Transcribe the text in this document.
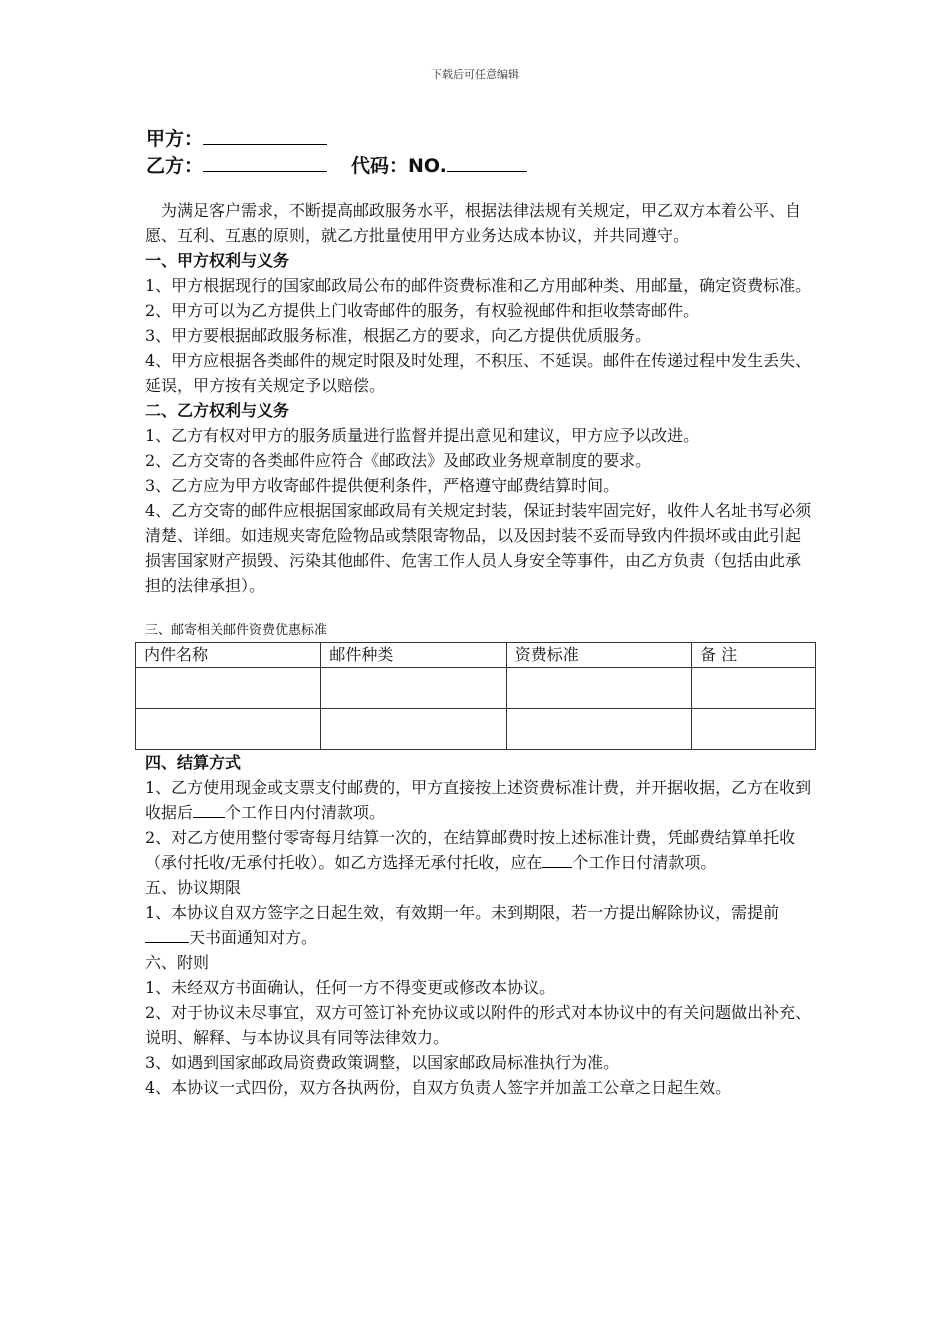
下载后可任意编辑
甲方：
乙方：	代码：NO.

为满足客户需求，不断提高邮政服务水平，根据法律法规有关规定，甲乙双方本着公平、自愿、互利、互惠的原则，就乙方批量使用甲方业务达成本协议，并共同遵守。

一、甲方权利与义务

1、甲方根据现行的国家邮政局公布的邮件资费标准和乙方用邮种类、用邮量，确定资费标准。

2、甲方可以为乙方提供上门收寄邮件的服务，有权验视邮件和拒收禁寄邮件。

3、甲方要根据邮政服务标准，根据乙方的要求，向乙方提供优质服务。

4、甲方应根据各类邮件的规定时限及时处理，不积压、不延误。邮件在传递过程中发生丢失、延误，甲方按有关规定予以赔偿。

二、乙方权利与义务

1、乙方有权对甲方的服务质量进行监督并提出意见和建议，甲方应予以改进。

2、乙方交寄的各类邮件应符合《邮政法》及邮政业务规章制度的要求。

3、乙方应为甲方收寄邮件提供便利条件，严格遵守邮费结算时间。

4、乙方交寄的邮件应根据国家邮政局有关规定封装，保证封装牢固完好，收件人名址书写必须清楚、详细。如违规夹寄危险物品或禁限寄物品，以及因封装不妥而导致内件损坏或由此引起损害国家财产损毁、污染其他邮件、危害工作人员人身安全等事件，由乙方负责（包括由此承担的法律承担）。

三、邮寄相关邮件资费优惠标准

内件名称	邮件种类	资费标准	备 注

四、结算方式

1、乙方使用现金或支票支付邮费的，甲方直接按上述资费标准计费，并开据收据，乙方在收到收据后 个工作日内付清款项。

2、对乙方使用整付零寄每月结算一次的，在结算邮费时按上述标准计费，凭邮费结算单托收（承付托收/无承付托收）。如乙方选择无承付托收，应在 个工作日付清款项。

五、协议期限

1、本协议自双方签字之日起生效，有效期一年。未到期限，若一方提出解除协议，需提前天书面通知对方。

六、附则

1、未经双方书面确认，任何一方不得变更或修改本协议。

2、对于协议未尽事宜，双方可签订补充协议或以附件的形式对本协议中的有关问题做出补充、说明、解释、与本协议具有同等法律效力。

3、如遇到国家邮政局资费政策调整，以国家邮政局标准执行为准。

4、本协议一式四份，双方各执两份，自双方负责人签字并加盖工公章之日起生效。
